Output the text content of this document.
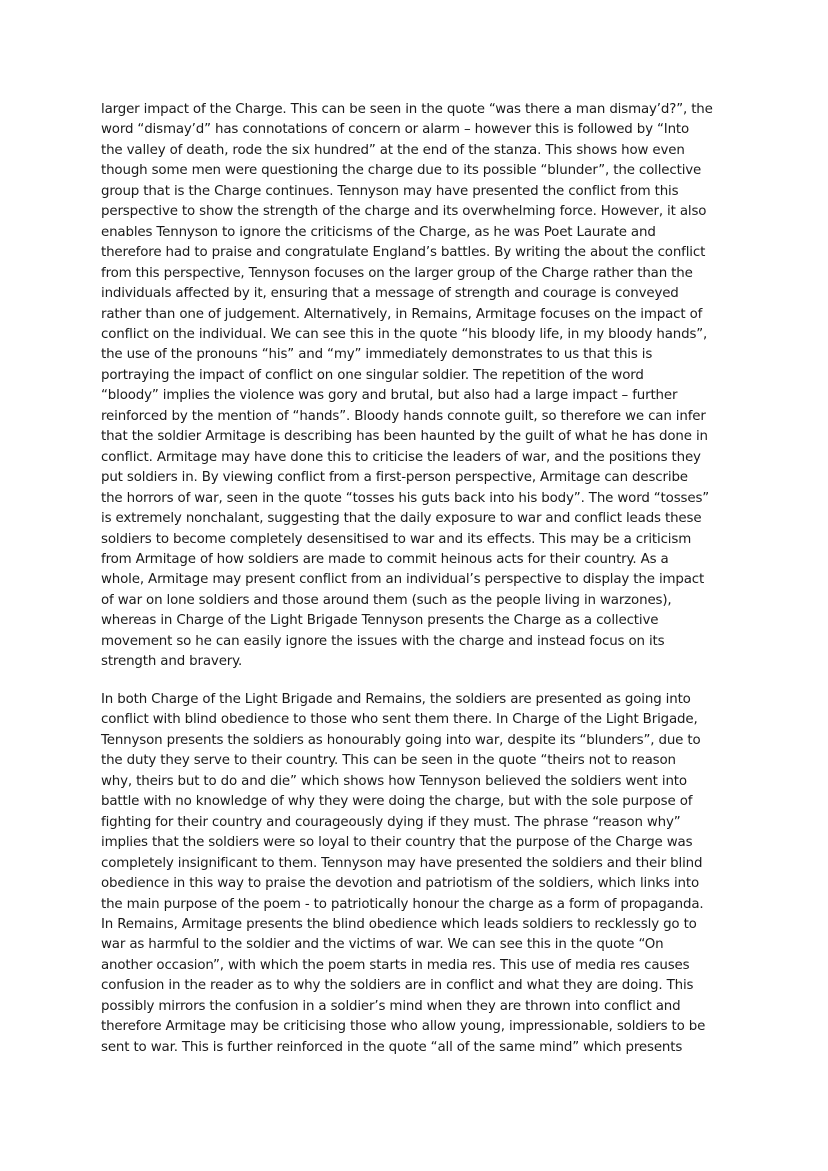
larger impact of the Charge. This can be seen in the quote “was there a man dismay’d?”, the
word “dismay’d” has connotations of concern or alarm – however this is followed by “Into
the valley of death, rode the six hundred” at the end of the stanza. This shows how even
though some men were questioning the charge due to its possible “blunder”, the collective
group that is the Charge continues. Tennyson may have presented the conflict from this
perspective to show the strength of the charge and its overwhelming force. However, it also
enables Tennyson to ignore the criticisms of the Charge, as he was Poet Laurate and
therefore had to praise and congratulate England’s battles. By writing the about the conflict
from this perspective, Tennyson focuses on the larger group of the Charge rather than the
individuals affected by it, ensuring that a message of strength and courage is conveyed
rather than one of judgement. Alternatively, in Remains, Armitage focuses on the impact of
conflict on the individual. We can see this in the quote “his bloody life, in my bloody hands”,
the use of the pronouns “his” and “my” immediately demonstrates to us that this is
portraying the impact of conflict on one singular soldier. The repetition of the word
“bloody” implies the violence was gory and brutal, but also had a large impact – further
reinforced by the mention of “hands”. Bloody hands connote guilt, so therefore we can infer
that the soldier Armitage is describing has been haunted by the guilt of what he has done in
conflict. Armitage may have done this to criticise the leaders of war, and the positions they
put soldiers in. By viewing conflict from a first-person perspective, Armitage can describe
the horrors of war, seen in the quote “tosses his guts back into his body”. The word “tosses”
is extremely nonchalant, suggesting that the daily exposure to war and conflict leads these
soldiers to become completely desensitised to war and its effects. This may be a criticism
from Armitage of how soldiers are made to commit heinous acts for their country. As a
whole, Armitage may present conflict from an individual’s perspective to display the impact
of war on lone soldiers and those around them (such as the people living in warzones),
whereas in Charge of the Light Brigade Tennyson presents the Charge as a collective
movement so he can easily ignore the issues with the charge and instead focus on its
strength and bravery.
In both Charge of the Light Brigade and Remains, the soldiers are presented as going into
conflict with blind obedience to those who sent them there. In Charge of the Light Brigade,
Tennyson presents the soldiers as honourably going into war, despite its “blunders”, due to
the duty they serve to their country. This can be seen in the quote “theirs not to reason
why, theirs but to do and die” which shows how Tennyson believed the soldiers went into
battle with no knowledge of why they were doing the charge, but with the sole purpose of
fighting for their country and courageously dying if they must. The phrase “reason why”
implies that the soldiers were so loyal to their country that the purpose of the Charge was
completely insignificant to them. Tennyson may have presented the soldiers and their blind
obedience in this way to praise the devotion and patriotism of the soldiers, which links into
the main purpose of the poem - to patriotically honour the charge as a form of propaganda.
In Remains, Armitage presents the blind obedience which leads soldiers to recklessly go to
war as harmful to the soldier and the victims of war. We can see this in the quote “On
another occasion”, with which the poem starts in media res. This use of media res causes
confusion in the reader as to why the soldiers are in conflict and what they are doing. This
possibly mirrors the confusion in a soldier’s mind when they are thrown into conflict and
therefore Armitage may be criticising those who allow young, impressionable, soldiers to be
sent to war. This is further reinforced in the quote “all of the same mind” which presents
